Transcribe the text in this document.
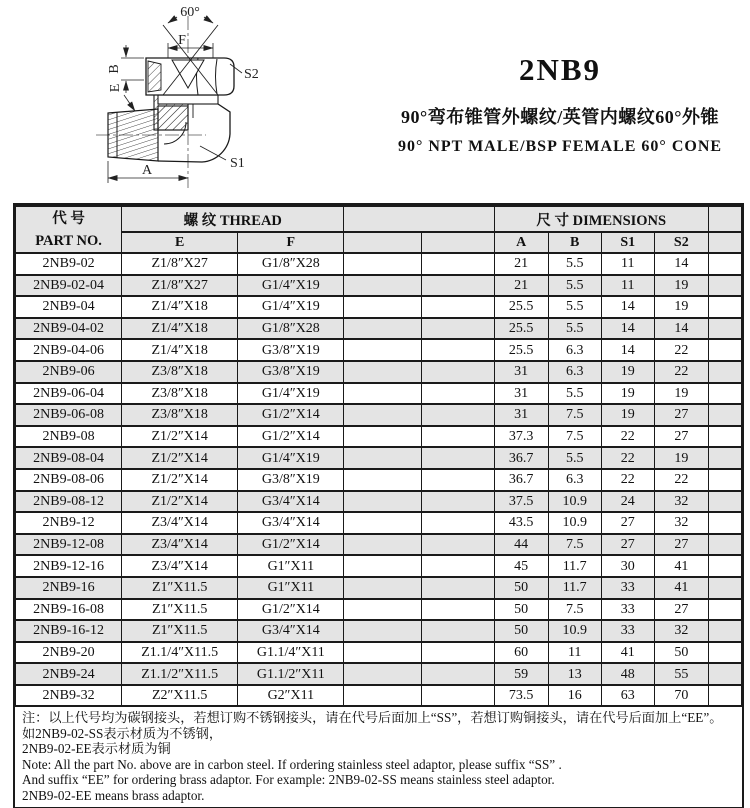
60°
F
B
E
S1
S2
A
2NB9
90°弯布锥管外螺纹/英管内螺纹60°外锥
90° NPT MALE/BSP FEMALE 60° CONE
代 号
PART NO.	螺 纹 THREAD				尺 寸 DIMENSIONS				
	E	F			A	B	S1	S2	
2NB9-02	Z1/8″X27	G1/8″X28			21	5.5	11	14	
2NB9-02-04	Z1/8″X27	G1/4″X19			21	5.5	11	19	
2NB9-04	Z1/4″X18	G1/4″X19			25.5	5.5	14	19	
2NB9-04-02	Z1/4″X18	G1/8″X28			25.5	5.5	14	14	
2NB9-04-06	Z1/4″X18	G3/8″X19			25.5	6.3	14	22	
2NB9-06	Z3/8″X18	G3/8″X19			31	6.3	19	22	
2NB9-06-04	Z3/8″X18	G1/4″X19			31	5.5	19	19	
2NB9-06-08	Z3/8″X18	G1/2″X14			31	7.5	19	27	
2NB9-08	Z1/2″X14	G1/2″X14			37.3	7.5	22	27	
2NB9-08-04	Z1/2″X14	G1/4″X19			36.7	5.5	22	19	
2NB9-08-06	Z1/2″X14	G3/8″X19			36.7	6.3	22	22	
2NB9-08-12	Z1/2″X14	G3/4″X14			37.5	10.9	24	32	
2NB9-12	Z3/4″X14	G3/4″X14			43.5	10.9	27	32	
2NB9-12-08	Z3/4″X14	G1/2″X14			44	7.5	27	27	
2NB9-12-16	Z3/4″X14	G1″X11			45	11.7	30	41	
2NB9-16	Z1″X11.5	G1″X11			50	11.7	33	41	
2NB9-16-08	Z1″X11.5	G1/2″X14			50	7.5	33	27	
2NB9-16-12	Z1″X11.5	G3/4″X14			50	10.9	33	32	
2NB9-20	Z1.1/4″X11.5	G1.1/4″X11			60	11	41	50	
2NB9-24	Z1.1/2″X11.5	G1.1/2″X11			59	13	48	55	
2NB9-32	Z2″X11.5	G2″X11			73.5	16	63	70	
注：以上代号均为碳钢接头，若想订购不锈钢接头，请在代号后面加上“SS”，若想订购铜接头，请在代号后面加上“EE”。
如2NB9-02-SS表示材质为不锈钢，
2NB9-02-EE表示材质为铜
Note: All the part No. above are in carbon steel. If ordering stainless steel adaptor, please suffix “SS” .
And suffix “EE” for ordering brass adaptor. For example: 2NB9-02-SS means stainless steel adaptor.
2NB9-02-EE means brass adaptor.
